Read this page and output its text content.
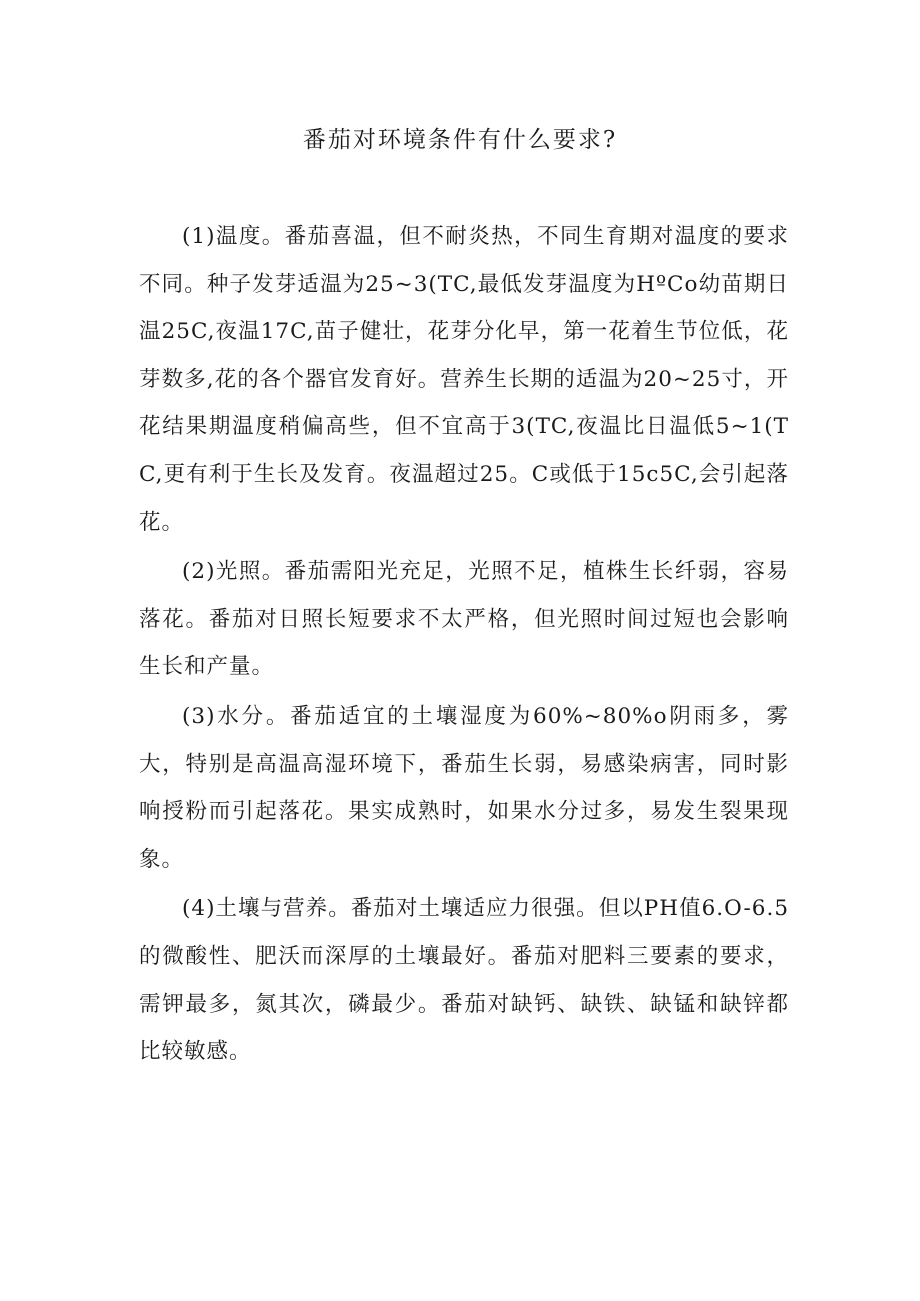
番茄对环境条件有什么要求?

(1)温度。番茄喜温，但不耐炎热，不同生育期对温度的要求不同。种子发芽适温为25~3(TC,最低发芽温度为HºCo幼苗期日温25C,夜温17C,苗子健壮，花芽分化早，第一花着生节位低，花芽数多,花的各个器官发育好。营养生长期的适温为20~25寸，开花结果期温度稍偏高些，但不宜高于3(TC,夜温比日温低5~1(TC,更有利于生长及发育。夜温超过25。C或低于15c5C,会引起落花。

(2)光照。番茄需阳光充足，光照不足，植株生长纤弱，容易落花。番茄对日照长短要求不太严格，但光照时间过短也会影响生长和产量。

(3)水分。番茄适宜的土壤湿度为60%~80%o阴雨多，雾大，特别是高温高湿环境下，番茄生长弱，易感染病害，同时影响授粉而引起落花。果实成熟时，如果水分过多，易发生裂果现象。

(4)土壤与营养。番茄对土壤适应力很强。但以PH值6.O-6.5的微酸性、肥沃而深厚的土壤最好。番茄对肥料三要素的要求，需钾最多，氮其次，磷最少。番茄对缺钙、缺铁、缺锰和缺锌都比较敏感。
